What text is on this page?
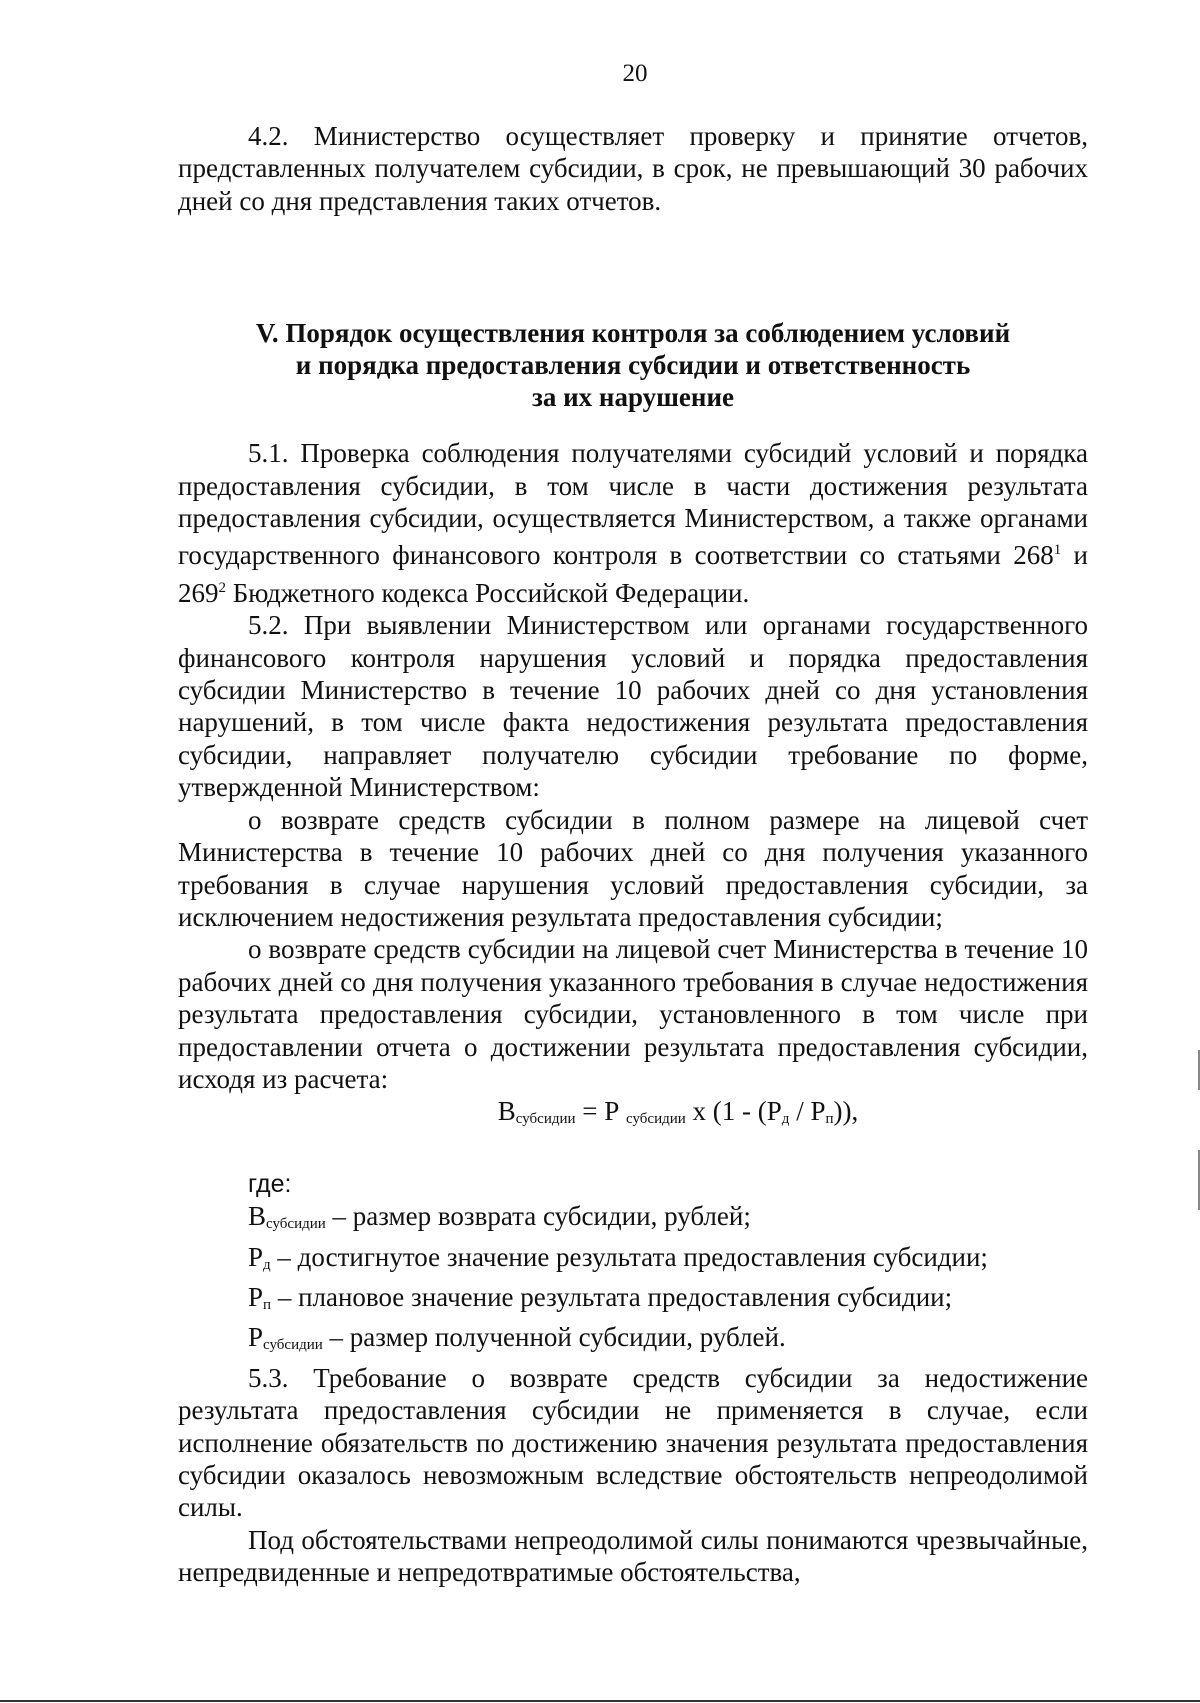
20

4.2. Министерство осуществляет проверку и принятие отчетов, представленных получателем субсидии, в срок, не превышающий 30 рабочих дней со дня представления таких отчетов.

V. Порядок осуществления контроля за соблюдением условий
и порядка предоставления субсидии и ответственность
за их нарушение

5.1. Проверка соблюдения получателями субсидий условий и порядка предоставления субсидии, в том числе в части достижения результата предоставления субсидии, осуществляется Министерством, а также органами государственного финансового контроля в соответствии со статьями $268^1$ и $269^2$ Бюджетного кодекса Российской Федерации.

5.2. При выявлении Министерством или органами государственного финансового контроля нарушения условий и порядка предоставления субсидии Министерство в течение 10 рабочих дней со дня установления нарушений, в том числе факта недостижения результата предоставления субсидии, направляет получателю субсидии требование по форме, утвержденной Министерством:

о возврате средств субсидии в полном размере на лицевой счет Министерства в течение 10 рабочих дней со дня получения указанного требования в случае нарушения условий предоставления субсидии, за исключением недостижения результата предоставления субсидии;

о возврате средств субсидии на лицевой счет Министерства в течение 10 рабочих дней со дня получения указанного требования в случае недостижения результата предоставления субсидии, установленного в том числе при предоставлении отчета о достижении результата предоставления субсидии, исходя из расчета:

$В_{субсидии} = Р$ $_{субсидии}$ х $(1 - (Р_д / Р_п))$,

где:

$В_{субсидии}$ – размер возврата субсидии, рублей;

$Р_д$ – достигнутое значение результата предоставления субсидии;

$Р_п$ – плановое значение результата предоставления субсидии;

$Р_{субсидии}$ – размер полученной субсидии, рублей.

5.3. Требование о возврате средств субсидии за недостижение результата предоставления субсидии не применяется в случае, если исполнение обязательств по достижению значения результата предоставления субсидии оказалось невозможным вследствие обстоятельств непреодолимой силы.

Под обстоятельствами непреодолимой силы понимаются чрезвычайные, непредвиденные и непредотвратимые обстоятельства,
